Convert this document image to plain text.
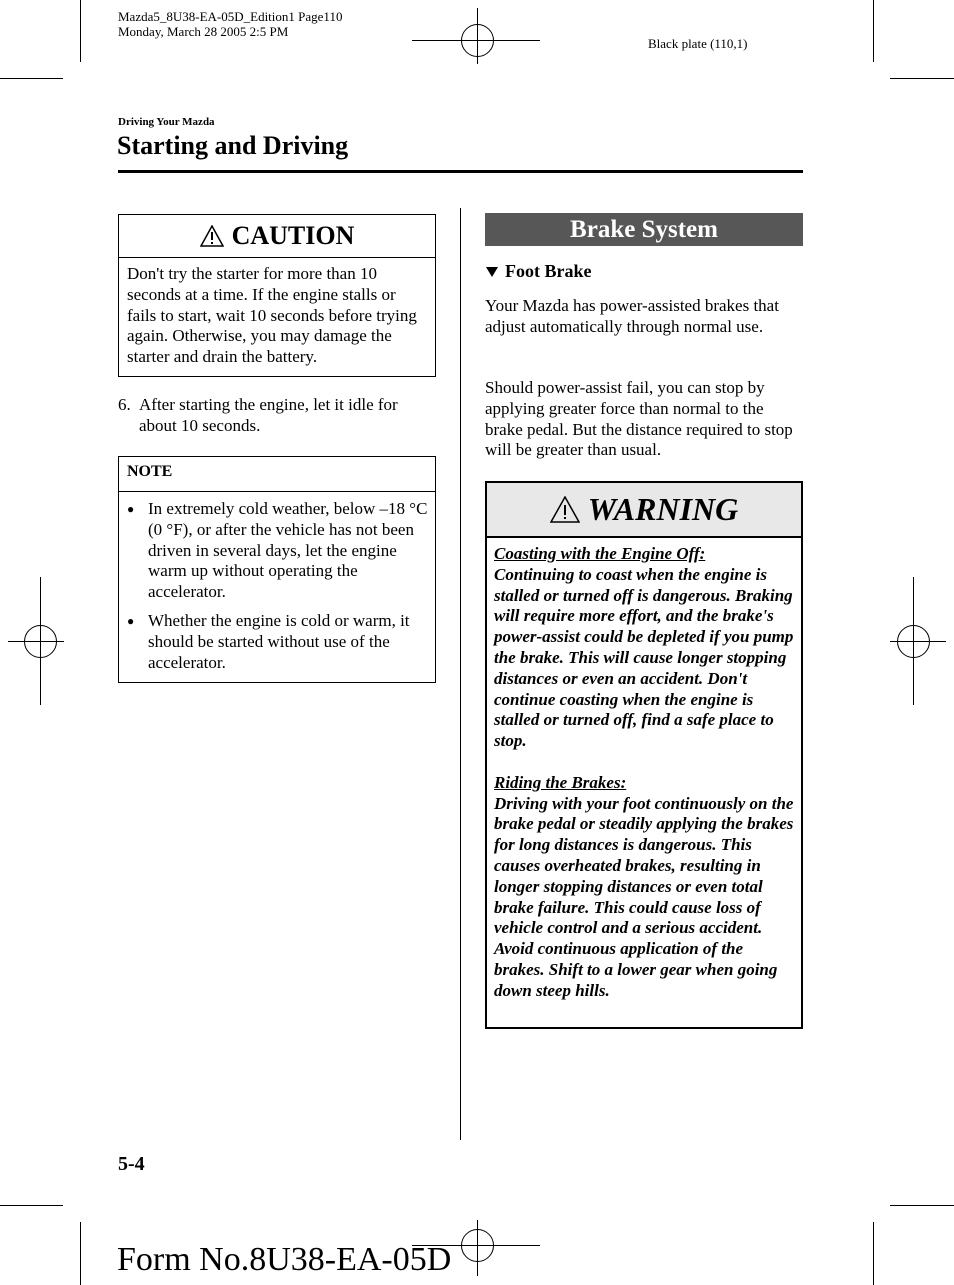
Mazda5_8U38-EA-05D_Edition1 Page110
Monday, March 28 2005 2:5 PM
Black plate (110,1)
Driving Your Mazda
Starting and Driving
CAUTION

Don't try the starter for more than 10 seconds at a time. If the engine stalls or fails to start, wait 10 seconds before trying again. Otherwise, you may damage the starter and drain the battery.

6. After starting the engine, let it idle for about 10 seconds.
NOTE
● In extremely cold weather, below –18 °C (0 °F), or after the vehicle has not been driven in several days, let the engine warm up without operating the accelerator.
● Whether the engine is cold or warm, it should be started without use of the accelerator.
Brake System
Foot Brake

Your Mazda has power-assisted brakes that adjust automatically through normal use.

Should power-assist fail, you can stop by applying greater force than normal to the brake pedal. But the distance required to stop will be greater than usual.

WARNING

Coasting with the Engine Off:

Continuing to coast when the engine is stalled or turned off is dangerous. Braking will require more effort, and the brake's power-assist could be depleted if you pump the brake. This will cause longer stopping distances or even an accident. Don't continue coasting when the engine is stalled or turned off, find a safe place to stop.

Riding the Brakes:

Driving with your foot continuously on the brake pedal or steadily applying the brakes for long distances is dangerous. This causes overheated brakes, resulting in longer stopping distances or even total brake failure. This could cause loss of vehicle control and a serious accident. Avoid continuous application of the brakes. Shift to a lower gear when going down steep hills.

5-4
Form No.8U38-EA-05D
